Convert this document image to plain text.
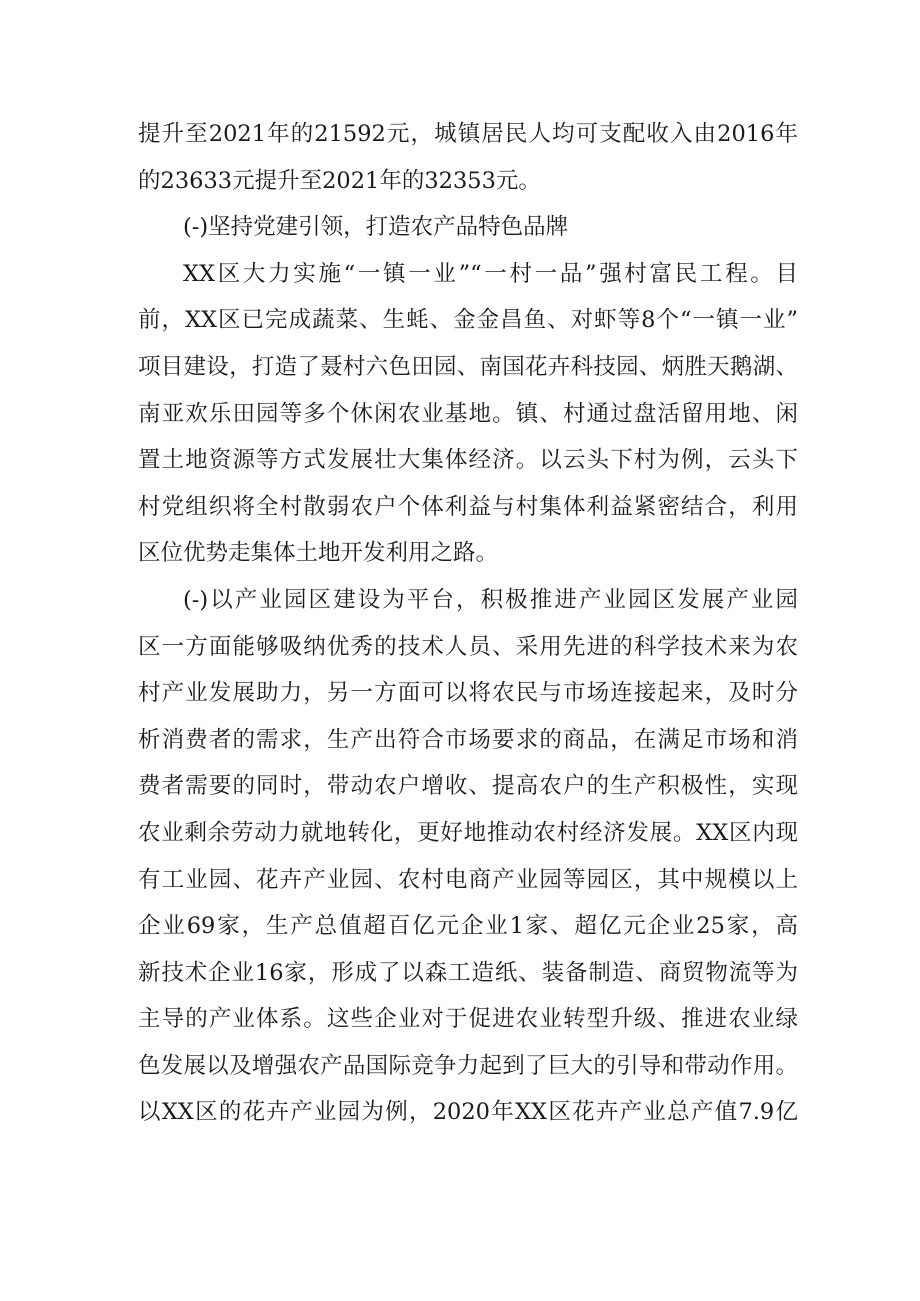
提升至2021年的21592元，城镇居民人均可支配收入由2016年
的23633元提升至2021年的32353元。
(-)坚持党建引领，打造农产品特色品牌
XX区大力实施“一镇一业”“一村一品”强村富民工程。目
前，XX区已完成蔬菜、生蚝、金金昌鱼、对虾等8个“一镇一业”
项目建设，打造了聂村六色田园、南国花卉科技园、炳胜天鹅湖、
南亚欢乐田园等多个休闲农业基地。镇、村通过盘活留用地、闲
置土地资源等方式发展壮大集体经济。以云头下村为例，云头下
村党组织将全村散弱农户个体利益与村集体利益紧密结合，利用
区位优势走集体土地开发利用之路。
(-)以产业园区建设为平台，积极推进产业园区发展产业园
区一方面能够吸纳优秀的技术人员、采用先进的科学技术来为农
村产业发展助力，另一方面可以将农民与市场连接起来，及时分
析消费者的需求，生产出符合市场要求的商品，在满足市场和消
费者需要的同时，带动农户增收、提高农户的生产积极性，实现
农业剩余劳动力就地转化，更好地推动农村经济发展。XX区内现
有工业园、花卉产业园、农村电商产业园等园区，其中规模以上
企业69家，生产总值超百亿元企业1家、超亿元企业25家，高
新技术企业16家，形成了以森工造纸、装备制造、商贸物流等为
主导的产业体系。这些企业对于促进农业转型升级、推进农业绿
色发展以及增强农产品国际竞争力起到了巨大的引导和带动作用。
以XX区的花卉产业园为例，2020年XX区花卉产业总产值7.9亿
